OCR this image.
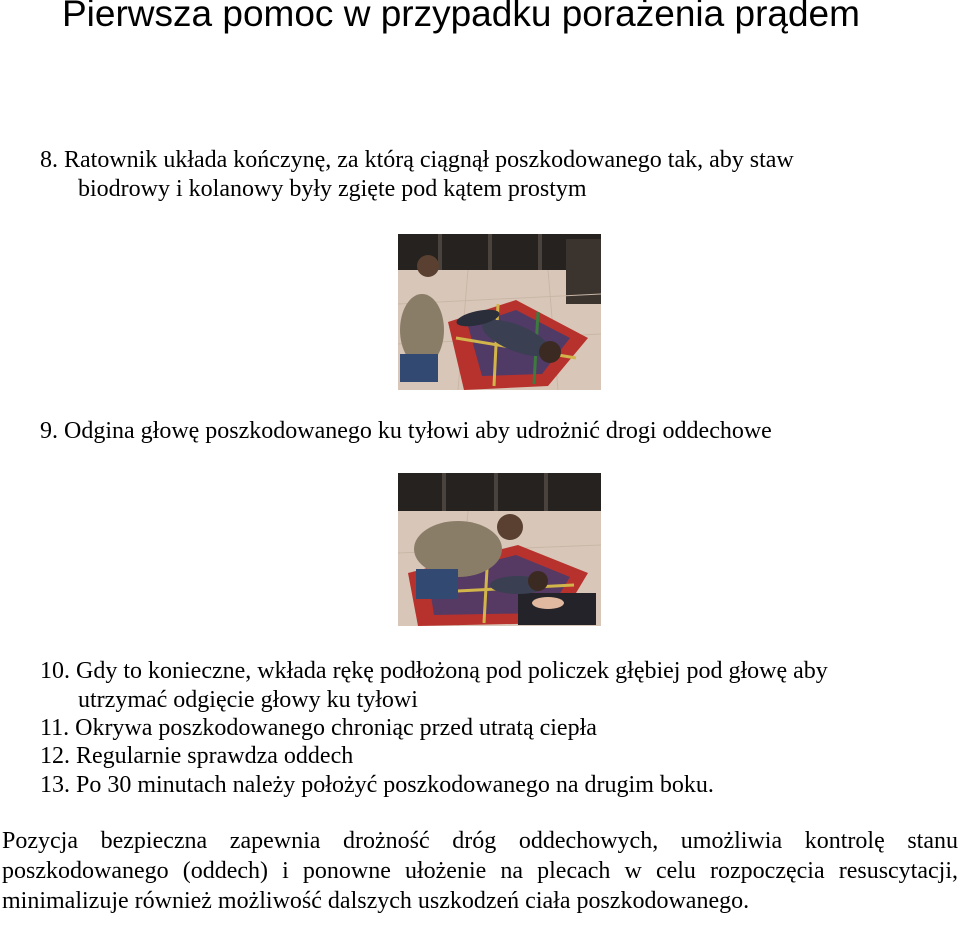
Pierwsza pomoc w przypadku porażenia prądem
8. Ratownik układa kończynę, za którą ciągnął poszkodowanego tak, aby staw
biodrowy i kolanowy były zgięte pod kątem prostym
9. Odgina głowę poszkodowanego ku tyłowi aby udrożnić drogi oddechowe
10. Gdy to konieczne, wkłada rękę podłożoną pod policzek głębiej pod głowę aby
utrzymać odgięcie głowy ku tyłowi
11. Okrywa poszkodowanego chroniąc przed utratą ciepła
12. Regularnie sprawdza oddech
13. Po 30 minutach należy położyć poszkodowanego na drugim boku.

Pozycja bezpieczna zapewnia drożność dróg oddechowych, umożliwia kontrolę stanu poszkodowanego (oddech) i ponowne ułożenie na plecach w celu rozpoczęcia resuscytacji, minimalizuje również możliwość dalszych uszkodzeń ciała poszkodowanego.
